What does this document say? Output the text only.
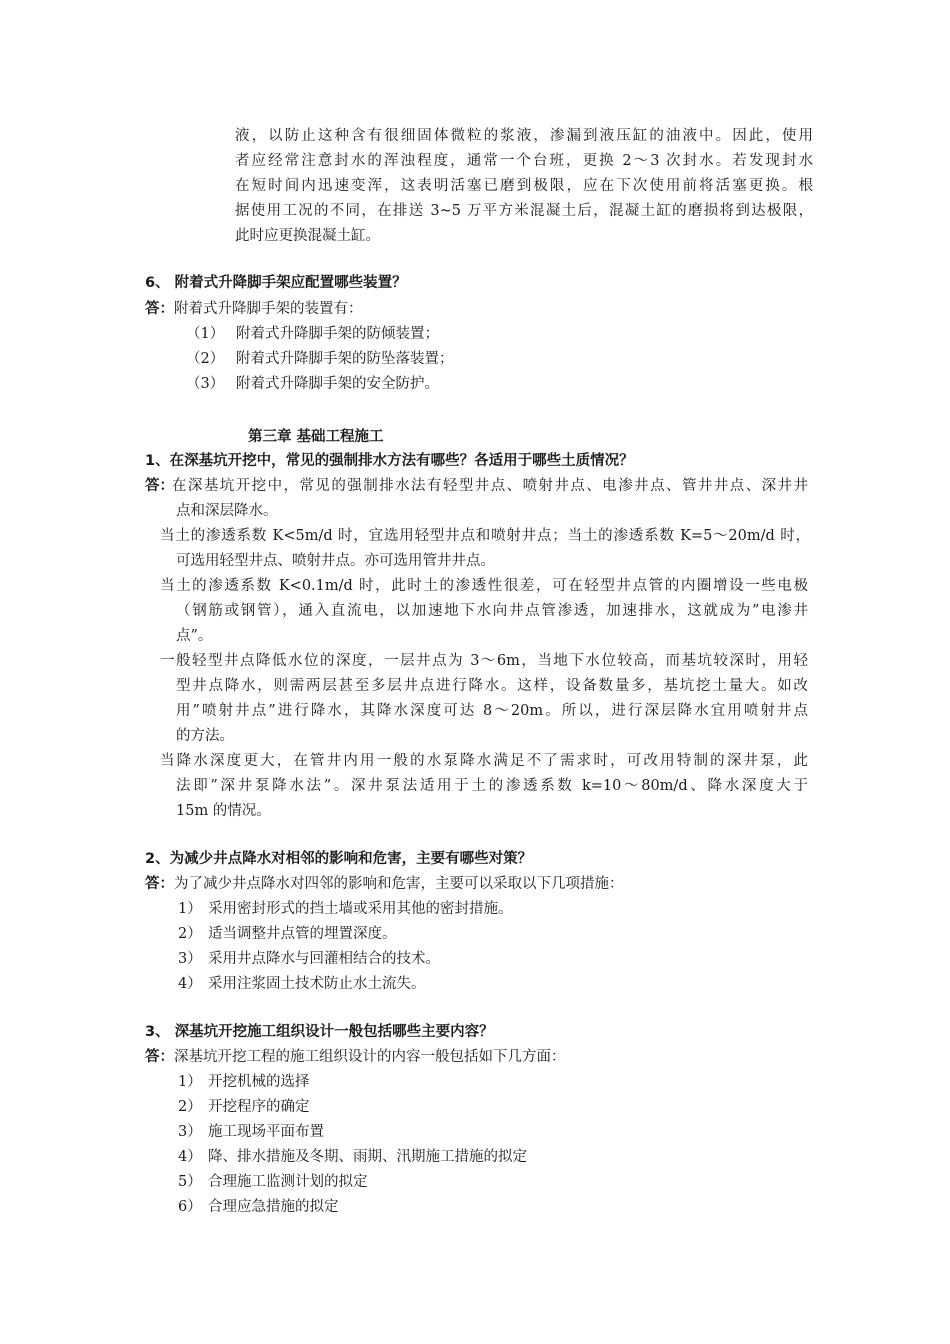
液，以防止这种含有很细固体微粒的浆液，渗漏到液压缸的油液中。因此，使用
者应经常注意封水的浑浊程度，通常一个台班，更换 2～3 次封水。若发现封水
在短时间内迅速变浑，这表明活塞已磨到极限，应在下次使用前将活塞更换。根
据使用工况的不同，在排送 3~5 万平方米混凝土后，混凝土缸的磨损将到达极限，
此时应更换混凝土缸。
6、 附着式升降脚手架应配置哪些装置？
答：附着式升降脚手架的装置有：
（1） 附着式升降脚手架的防倾装置；
（2） 附着式升降脚手架的防坠落装置；
（3） 附着式升降脚手架的安全防护。
第三章 基础工程施工
1、在深基坑开挖中，常见的强制排水方法有哪些？各适用于哪些土质情况？
答：
在深基坑开挖中，常见的强制排水法有轻型井点、喷射井点、电渗井点、管井井点、深井井
点和深层降水。
当土的渗透系数 K<5m/d 时，宜选用轻型井点和喷射井点；当土的渗透系数 K=5～20m/d 时，
可选用轻型井点、喷射井点。亦可选用管井井点。
当土的渗透系数 K<0.1m/d 时，此时土的渗透性很差，可在轻型井点管的内圈增设一些电极
（钢筋或钢管），通入直流电，以加速地下水向井点管渗透，加速排水，这就成为”电渗井
点”。
一般轻型井点降低水位的深度，一层井点为 3～6m，当地下水位较高，而基坑较深时，用轻
型井点降水，则需两层甚至多层井点进行降水。这样，设备数量多，基坑挖土量大。如改
用”喷射井点”进行降水，其降水深度可达 8～20m。所以，进行深层降水宜用喷射井点
的方法。
当降水深度更大，在管井内用一般的水泵降水满足不了需求时，可改用特制的深井泵，此
法即”深井泵降水法”。深井泵法适用于土的渗透系数 k=10～80m/d、降水深度大于
15m 的情况。
2、为减少井点降水对相邻的影响和危害，主要有哪些对策？
答：为了减少井点降水对四邻的影响和危害，主要可以采取以下几项措施：
1） 采用密封形式的挡土墙或采用其他的密封措施。
2） 适当调整井点管的埋置深度。
3） 采用井点降水与回灌相结合的技术。
4） 采用注浆固土技术防止水土流失。
3、 深基坑开挖施工组织设计一般包括哪些主要内容？
答：深基坑开挖工程的施工组织设计的内容一般包括如下几方面：
1） 开挖机械的选择
2） 开挖程序的确定
3） 施工现场平面布置
4） 降、排水措施及冬期、雨期、汛期施工措施的拟定
5） 合理施工监测计划的拟定
6） 合理应急措施的拟定
